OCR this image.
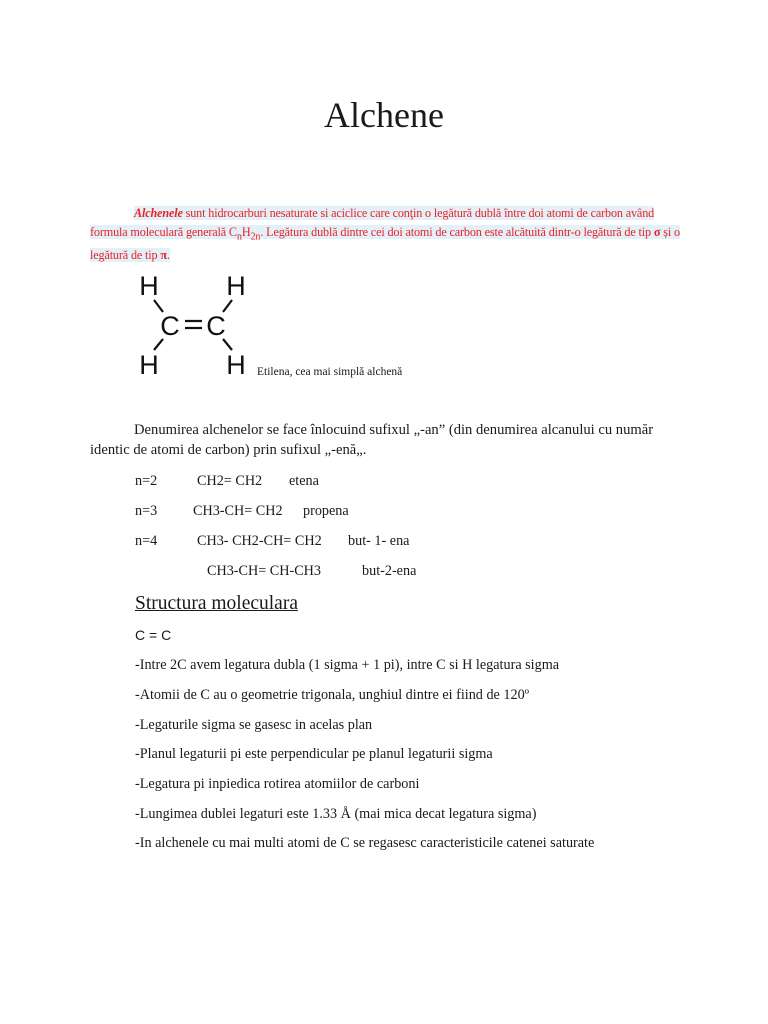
Alchene
Alchenele sunt hidrocarburi nesaturate si aciclice care conţin o legătură dublă între doi atomi de carbon având formula moleculară generală $C_nH_{2n}$. Legătura dublă dintre cei doi atomi de carbon este alcătuită dintr-o legătură de tip σ și o legătură de tip π.
H	H
C C
H	H Etilena, cea mai simplă alchenă
Denumirea alchenelor se face înlocuind sufixul „-an” (din denumirea alcanului cu număr identic de atomi de carbon) prin sufixul „-enă„.
n=2	CH2= CH2 etena
n=3	CH3-CH= CH2 propena
n=4	CH3- CH2-CH= CH2 but- 1- ena
CH3-CH= CH-CH3	but-2-ena
Structura moleculara
C = C
-Intre 2C avem legatura dubla (1 sigma + 1 pi), intre C si H legatura sigma
-Atomii de C au o geometrie trigonala, unghiul dintre ei fiind de 120º
-Legaturile sigma se gasesc in acelas plan
-Planul legaturii pi este perpendicular pe planul legaturii sigma
-Legatura pi inpiedica rotirea atomiilor de carboni
-Lungimea dublei legaturi este 1.33 Å (mai mica decat legatura sigma)
-In alchenele cu mai multi atomi de C se regasesc caracteristicile catenei saturate
